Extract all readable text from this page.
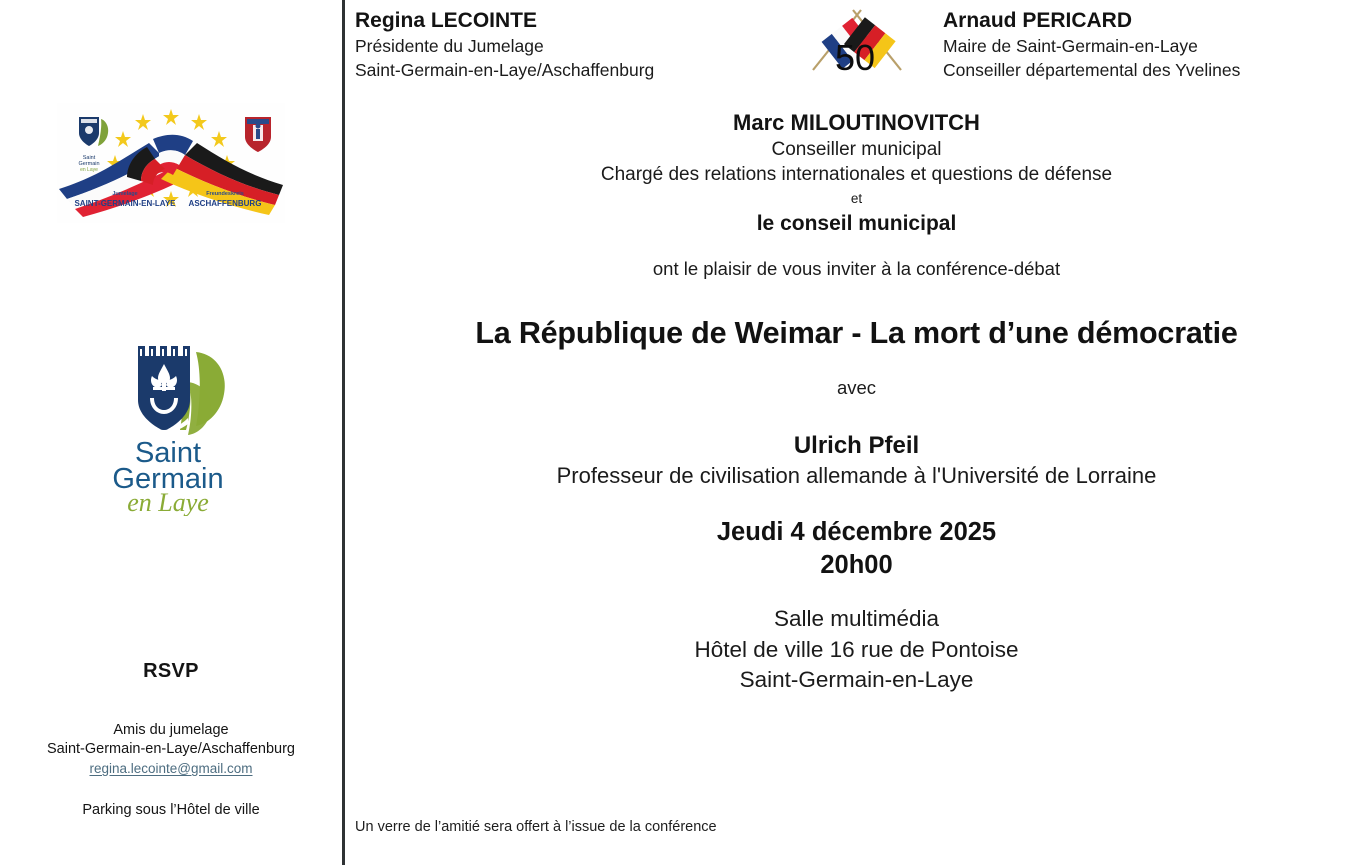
Saint
Germain
en Laye
Jumelage
SAINT-GERMAIN-EN-LAYE
Freundeskreis
ASCHAFFENBURG
Saint
Germain
en Laye
RSVP
Amis du jumelage
Saint-Germain-en-Laye/Aschaffenburg
regina.lecointe@gmail.com
Parking sous l’Hôtel de ville
Regina LECOINTE
Présidente du Jumelage
Saint-Germain-en-Laye/Aschaffenburg	50
Arnaud PERICARD
Maire de Saint-Germain-en-Laye
Conseiller départemental des Yvelines
Marc MILOUTINOVITCH
Conseiller municipal
Chargé des relations internationales et questions de défense
et
le conseil municipal
ont le plaisir de vous inviter à la conférence-débat
La République de Weimar - La mort d’une démocratie
avec
Ulrich Pfeil
Professeur de civilisation allemande à l'Université de Lorraine
Jeudi 4 décembre 2025
20h00
Salle multimédia
Hôtel de ville 16 rue de Pontoise
Saint-Germain-en-Laye
Un verre de l’amitié sera offert à l’issue de la conférence
